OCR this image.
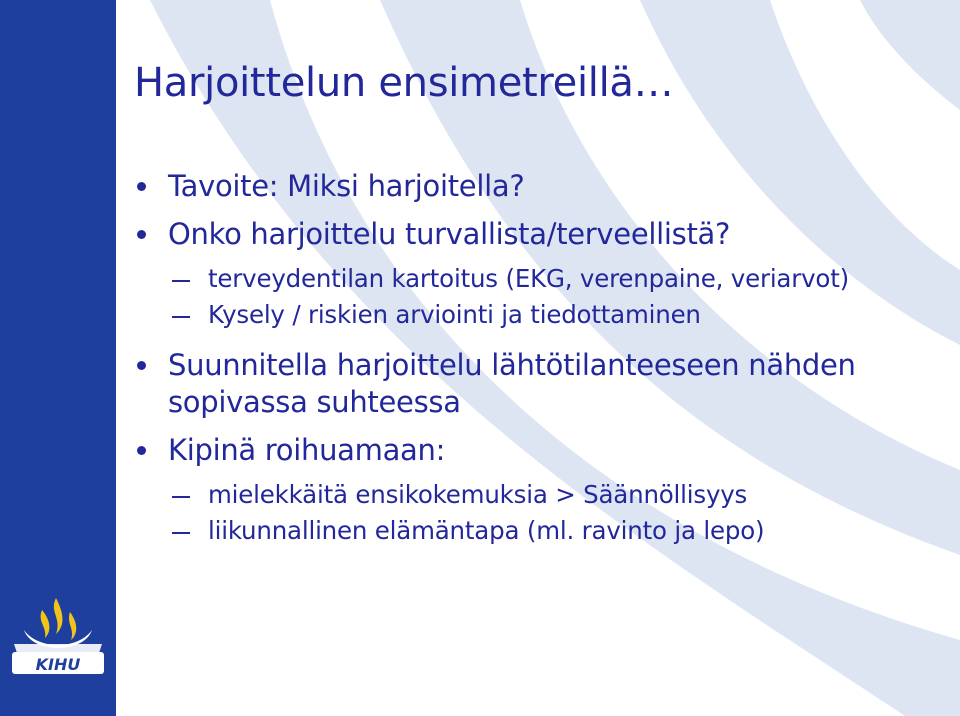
KIHU
Harjoittelun ensimetreillä…
Tavoite: Miksi harjoitella?
Onko harjoittelu turvallista/terveellistä?
terveydentilan kartoitus (EKG, verenpaine, veriarvot)
Kysely / riskien arviointi ja tiedottaminen
Suunnitella harjoittelu lähtötilanteeseen nähden sopivassa suhteessa
Kipinä roihuamaan:
mielekkäitä ensikokemuksia > Säännöllisyys
liikunnallinen elämäntapa (ml. ravinto ja lepo)
